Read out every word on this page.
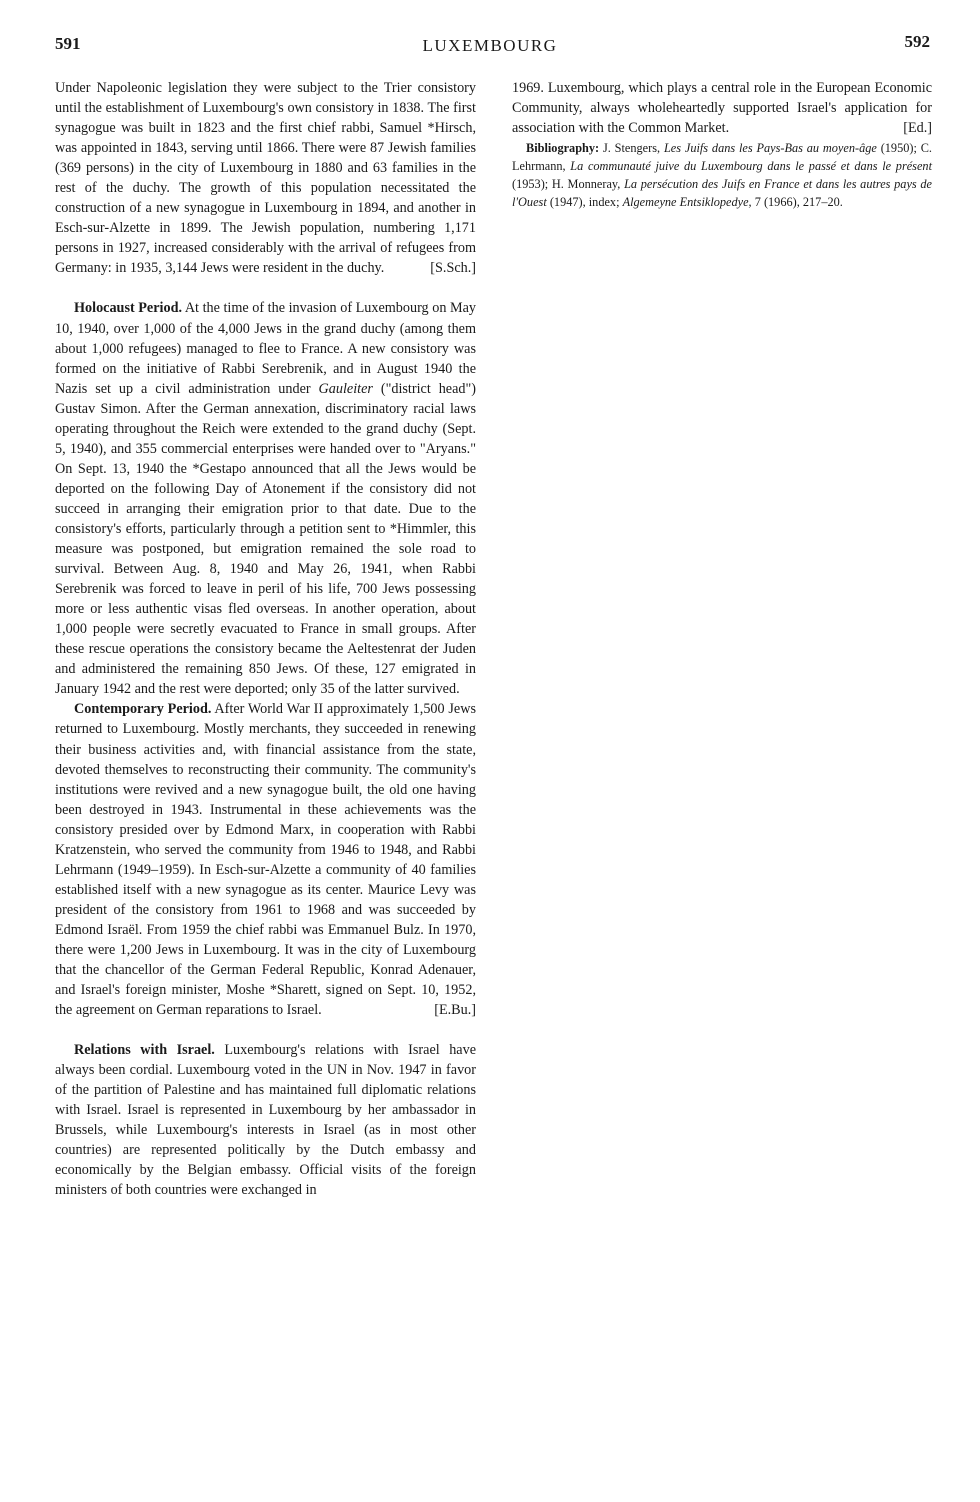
591	LUXEMBOURG	592

Under Napoleonic legislation they were subject to the Trier consistory until the establishment of Luxembourg's own consistory in 1838. The first synagogue was built in 1823 and the first chief rabbi, Samuel *Hirsch, was appointed in 1843, serving until 1866. There were 87 Jewish families (369 persons) in the city of Luxembourg in 1880 and 63 families in the rest of the duchy. The growth of this population necessitated the construction of a new synagogue in Luxembourg in 1894, and another in Esch-sur-Alzette in 1899. The Jewish population, numbering 1,171 persons in 1927, increased considerably with the arrival of refugees from Germany: in 1935, 3,144 Jews were resident in the duchy.	[S.Sch.]

Holocaust Period. At the time of the invasion of Luxembourg on May 10, 1940, over 1,000 of the 4,000 Jews in the grand duchy (among them about 1,000 refugees) managed to flee to France. A new consistory was formed on the initiative of Rabbi Serebrenik, and in August 1940 the Nazis set up a civil administration under Gauleiter ("district head") Gustav Simon. After the German annexation, discriminatory racial laws operating throughout the Reich were extended to the grand duchy (Sept. 5, 1940), and 355 commercial enterprises were handed over to "Aryans." On Sept. 13, 1940 the *Gestapo announced that all the Jews would be deported on the following Day of Atonement if the consistory did not succeed in arranging their emigration prior to that date. Due to the consistory's efforts, particularly through a petition sent to *Himmler, this measure was postponed, but emigration remained the sole road to survival. Between Aug. 8, 1940 and May 26, 1941, when Rabbi Serebrenik was forced to leave in peril of his life, 700 Jews possessing more or less authentic visas fled overseas. In another operation, about 1,000 people were secretly evacuated to France in small groups. After these rescue operations the consistory became the Aeltestenrat der Juden and administered the remaining 850 Jews. Of these, 127 emigrated in January 1942 and the rest were deported; only 35 of the latter survived.

Contemporary Period. After World War II approximately 1,500 Jews returned to Luxembourg. Mostly merchants, they succeeded in renewing their business activities and, with financial assistance from the state, devoted themselves to reconstructing their community. The community's institutions were revived and a new synagogue built, the old one having been destroyed in 1943. Instrumental in these achievements was the consistory presided over by Edmond Marx, in cooperation with Rabbi Kratzenstein, who served the community from 1946 to 1948, and Rabbi Lehrmann (1949–1959). In Esch-sur-Alzette a community of 40 families established itself with a new synagogue as its center. Maurice Levy was president of the consistory from 1961 to 1968 and was succeeded by Edmond Israël. From 1959 the chief rabbi was Emmanuel Bulz. In 1970, there were 1,200 Jews in Luxembourg. It was in the city of Luxembourg that the chancellor of the German Federal Republic, Konrad Adenauer, and Israel's foreign minister, Moshe *Sharett, signed on Sept. 10, 1952, the agreement on German reparations to Israel.	[E.Bu.]

Relations with Israel. Luxembourg's relations with Israel have always been cordial. Luxembourg voted in the UN in Nov. 1947 in favor of the partition of Palestine and has maintained full diplomatic relations with Israel. Israel is represented in Luxembourg by her ambassador in Brussels, while Luxembourg's interests in Israel (as in most other countries) are represented politically by the Dutch embassy and economically by the Belgian embassy. Official visits of the foreign ministers of both countries were exchanged in

1969. Luxembourg, which plays a central role in the European Economic Community, always wholeheartedly supported Israel's application for association with the Common Market.	[Ed.]

Bibliography: J. Stengers, Les Juifs dans les Pays-Bas au moyen-âge (1950); C. Lehrmann, La communauté juive du Luxembourg dans le passé et dans le présent (1953); H. Monneray, La persécution des Juifs en France et dans les autres pays de l'Ouest (1947), index; Algemeyne Entsiklopedye, 7 (1966), 217–20.
